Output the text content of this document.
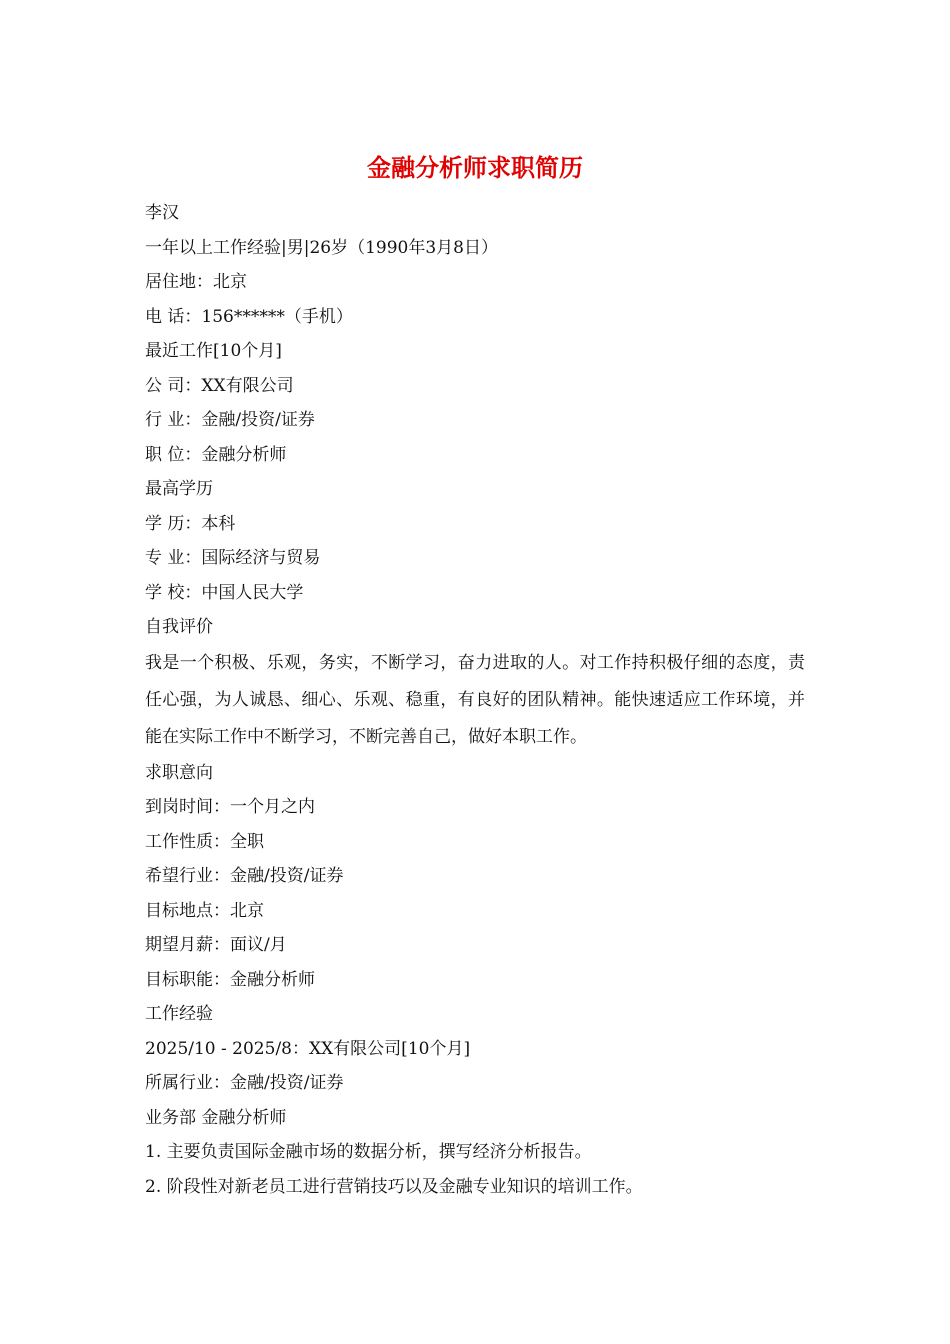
金融分析师求职简历

李汉

一年以上工作经验|男|26岁（1990年3月8日）

居住地：北京

电 话：156******（手机）

最近工作[10个月]

公 司：XX有限公司

行 业：金融/投资/证券

职 位：金融分析师

最高学历

学 历：本科

专 业：国际经济与贸易

学 校：中国人民大学

自我评价

我是一个积极、乐观，务实，不断学习，奋力进取的人。对工作持积极仔细的态度，责任心强，为人诚恳、细心、乐观、稳重，有良好的团队精神。能快速适应工作环境，并能在实际工作中不断学习，不断完善自己，做好本职工作。

求职意向

到岗时间：一个月之内

工作性质：全职

希望行业：金融/投资/证券

目标地点：北京

期望月薪：面议/月

目标职能：金融分析师

工作经验

2025/10 - 2025/8：XX有限公司[10个月]

所属行业：金融/投资/证券

业务部 金融分析师

1. 主要负责国际金融市场的数据分析，撰写经济分析报告。

2. 阶段性对新老员工进行营销技巧以及金融专业知识的培训工作。
